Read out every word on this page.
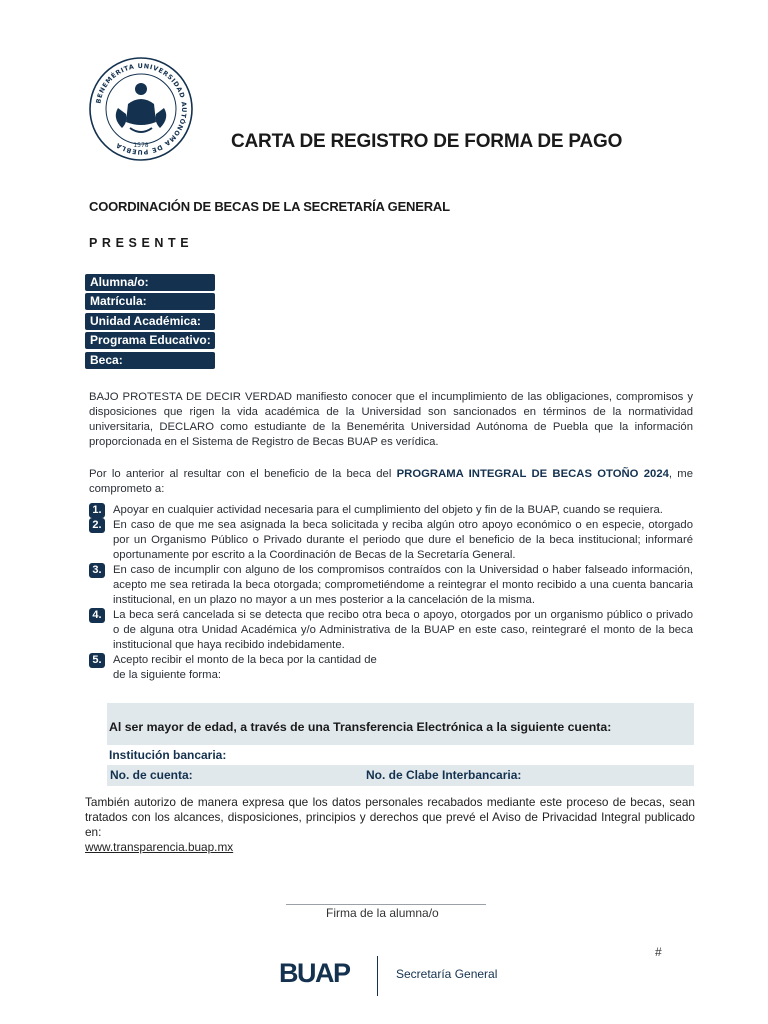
BENEMÉRITA UNIVERSIDAD AUTÓNOMA DE PUEBLA	1578	CARTA DE REGISTRO DE FORMA DE PAGO
COORDINACIÓN DE BECAS DE LA SECRETARÍA GENERAL
PRESENTE
Alumna/o:
Matrícula:
Unidad Académica:
Programa Educativo:
Beca:
BAJO PROTESTA DE DECIR VERDAD manifiesto conocer que el incumplimiento de las obligaciones, compromisos y disposiciones que rigen la vida académica de la Universidad son sancionados en términos de la normatividad universitaria, DECLARO como estudiante de la Benemérita Universidad Autónoma de Puebla que la información proporcionada en el Sistema de Registro de Becas BUAP es verídica.
Por lo anterior al resultar con el beneficio de la beca del PROGRAMA INTEGRAL DE BECAS OTOÑO 2024, me comprometo a:
1.	Apoyar en cualquier actividad necesaria para el cumplimiento del objeto y fin de la BUAP, cuando se requiera.
2.	En caso de que me sea asignada la beca solicitada y reciba algún otro apoyo económico o en especie, otorgado por un Organismo Público o Privado durante el periodo que dure el beneficio de la beca institucional; informaré oportunamente por escrito a la Coordinación de Becas de la Secretaría General.
3.	En caso de incumplir con alguno de los compromisos contraídos con la Universidad o haber falseado información, acepto me sea retirada la beca otorgada; comprometiéndome a reintegrar el monto recibido a una cuenta bancaria institucional, en un plazo no mayor a un mes posterior a la cancelación de la misma.
4.	La beca será cancelada si se detecta que recibo otra beca o apoyo, otorgados por un organismo público o privado o de alguna otra Unidad Académica y/o Administrativa de la BUAP en este caso, reintegraré el monto de la beca institucional que haya recibido indebidamente.
5.	Acepto recibir el monto de la beca por la cantidad de de la siguiente forma:
Al ser mayor de edad, a través de una Transferencia Electrónica a la siguiente cuenta:
Institución bancaria:
No. de cuenta:	No. de Clabe Interbancaria:
También autorizo de manera expresa que los datos personales recabados mediante este proceso de becas, sean tratados con los alcances, disposiciones, principios y derechos que prevé el Aviso de Privacidad Integral publicado en:
www.transparencia.buap.mx
Firma de la alumna/o
#
BUAP	Secretaría General
